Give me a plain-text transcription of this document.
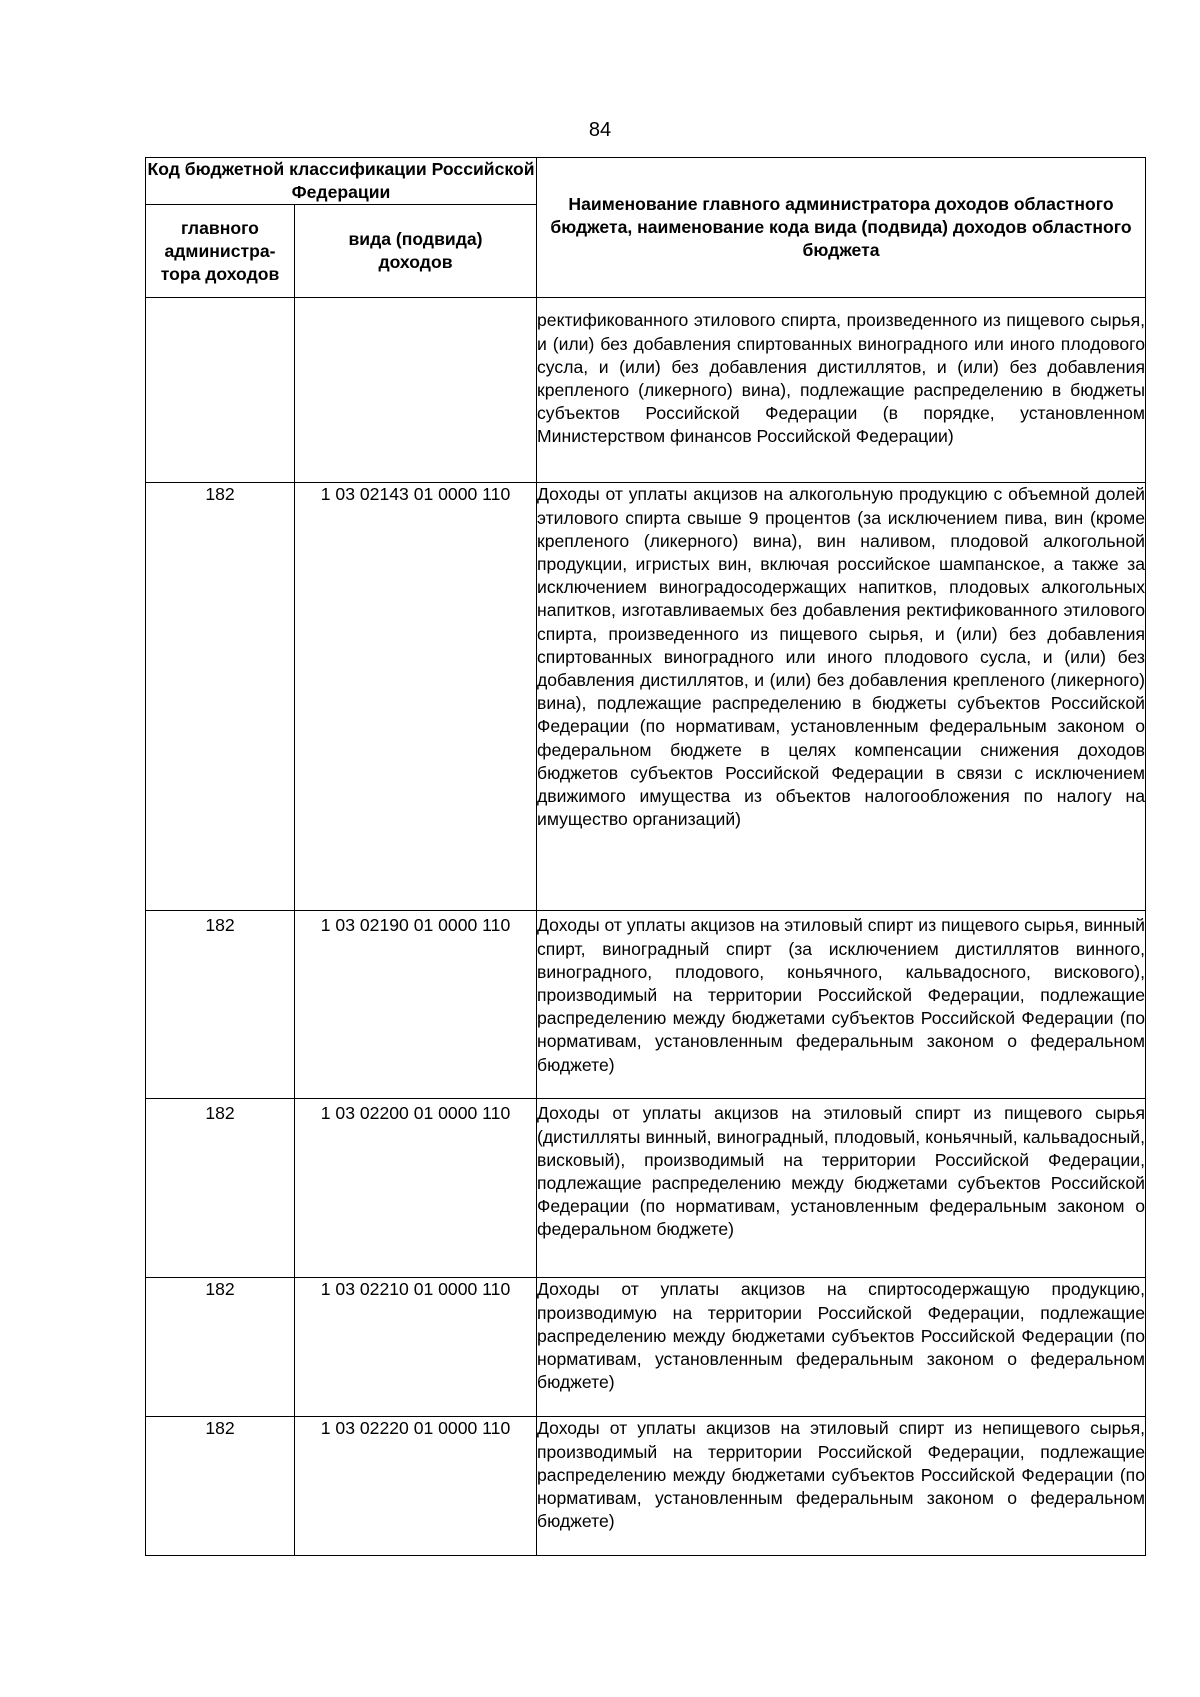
84
Код бюджетной классификации Российской Федерации		Наименование главного администратора доходов областного бюджета, наименование кода вида (подвида) доходов областного бюджета
главного администра-тора доходов	вида (подвида) доходов	
		ректификованного этилового спирта, произведенного из пищевого сырья, и (или) без добавления спиртованных виноградного или иного плодового сусла, и (или) без добавления дистиллятов, и (или) без добавления крепленого (ликерного) вина), подлежащие распределению в бюджеты субъектов Российской Федерации (в порядке, установленном Министерством финансов Российской Федерации)
182	1 03 02143 01 0000 110	Доходы от уплаты акцизов на алкогольную продукцию с объемной долей этилового спирта свыше 9 процентов (за исключением пива, вин (кроме крепленого (ликерного) вина), вин наливом, плодовой алкогольной продукции, игристых вин, включая российское шампанское, а также за исключением виноградосодержащих напитков, плодовых алкогольных напитков, изготавливаемых без добавления ректификованного этилового спирта, произведенного из пищевого сырья, и (или) без добавления спиртованных виноградного или иного плодового сусла, и (или) без добавления дистиллятов, и (или) без добавления крепленого (ликерного) вина), подлежащие распределению в бюджеты субъектов Российской Федерации (по нормативам, установленным федеральным законом о федеральном бюджете в целях компенсации снижения доходов бюджетов субъектов Российской Федерации в связи с исключением движимого имущества из объектов налогообложения по налогу на имущество организаций)
182	1 03 02190 01 0000 110	Доходы от уплаты акцизов на этиловый спирт из пищевого сырья, винный спирт, виноградный спирт (за исключением дистиллятов винного, виноградного, плодового, коньячного, кальвадосного, вискового), производимый на территории Российской Федерации, подлежащие распределению между бюджетами субъектов Российской Федерации (по нормативам, установленным федеральным законом о федеральном бюджете)
182	1 03 02200 01 0000 110	Доходы от уплаты акцизов на этиловый спирт из пищевого сырья (дистилляты винный, виноградный, плодовый, коньячный, кальвадосный, висковый), производимый на территории Российской Федерации, подлежащие распределению между бюджетами субъектов Российской Федерации (по нормативам, установленным федеральным законом о федеральном бюджете)
182	1 03 02210 01 0000 110	Доходы от уплаты акцизов на спиртосодержащую продукцию, производимую на территории Российской Федерации, подлежащие распределению между бюджетами субъектов Российской Федерации (по нормативам, установленным федеральным законом о федеральном бюджете)
182	1 03 02220 01 0000 110	Доходы от уплаты акцизов на этиловый спирт из непищевого сырья, производимый на территории Российской Федерации, подлежащие распределению между бюджетами субъектов Российской Федерации (по нормативам, установленным федеральным законом о федеральном бюджете)
